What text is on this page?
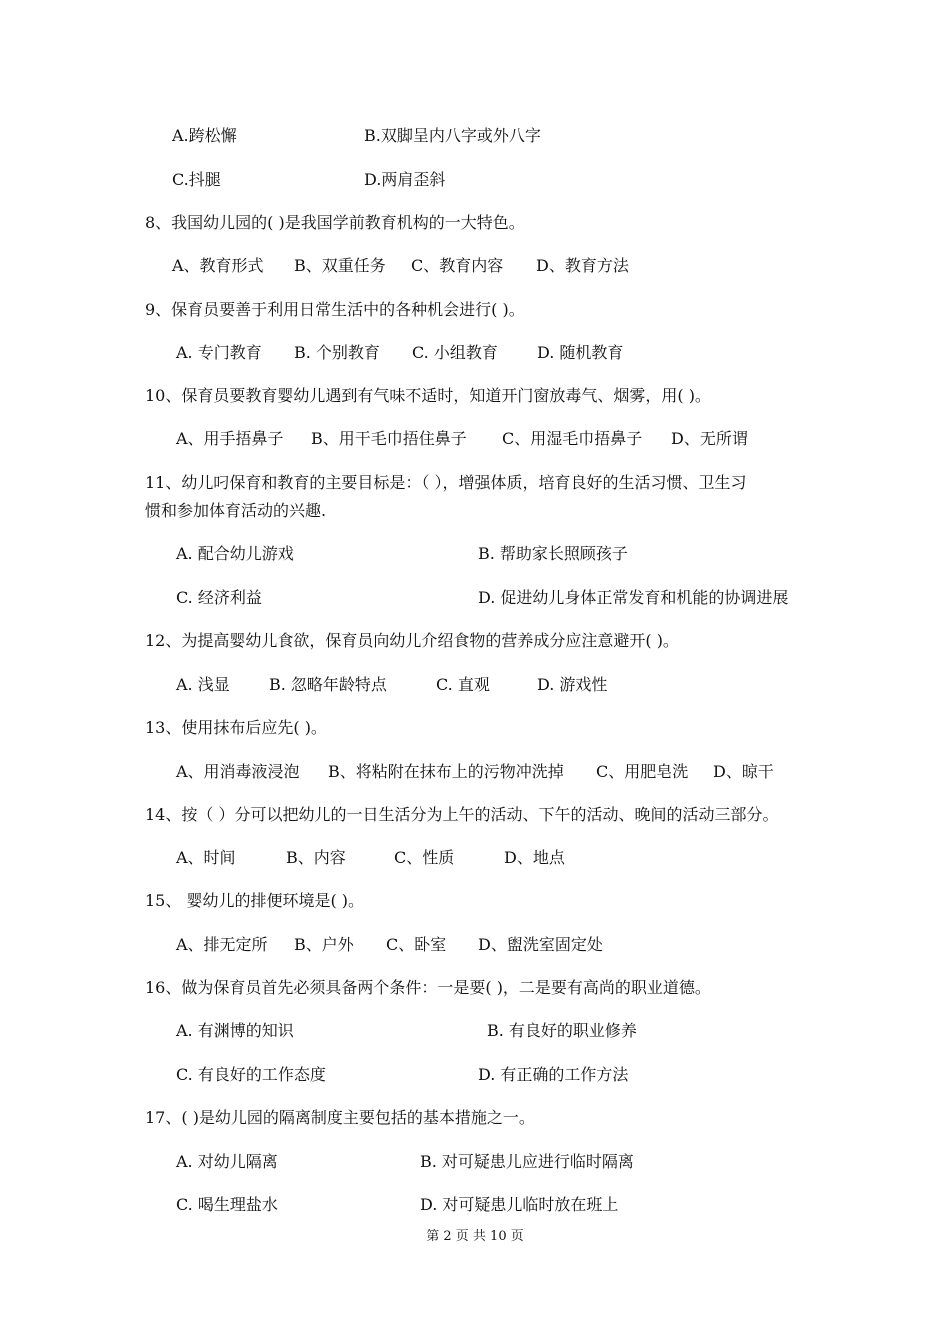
A.跨松懈	B.双脚呈内八字或外八字
C.抖腿	D.两肩歪斜
8、我国幼儿园的( )是我国学前教育机构的一大特色。
A、教育形式 B、双重任务 C、教育内容 D、教育方法
9、保育员要善于利用日常生活中的各种机会进行( )。
A. 专门教育 B. 个别教育 C. 小组教育 D. 随机教育
10、保育员要教育婴幼儿遇到有气味不适时，知道开门窗放毒气、烟雾，用( )。
A、用手捂鼻子 B、用干毛巾捂住鼻子 C、用湿毛巾捂鼻子 D、无所谓
11、幼儿叼保育和教育的主要目标是：（ ），增强体质，培育良好的生活习惯、卫生习
惯和参加体育活动的兴趣.
A. 配合幼儿游戏	B. 帮助家长照顾孩子
C. 经济利益	D. 促进幼儿身体正常发育和机能的协调进展
12、为提高婴幼儿食欲，保育员向幼儿介绍食物的营养成分应注意避开( )。
A. 浅显 B. 忽略年龄特点	C. 直观	D. 游戏性
13、使用抹布后应先( )。
A、用消毒液浸泡 B、将粘附在抹布上的污物冲洗掉 C、用肥皂洗 D、晾干
14、按（ ）分可以把幼儿的一日生活分为上午的活动、下午的活动、晚间的活动三部分。
A、时间	B、内容	C、性质	D、地点
15、 婴幼儿的排便环境是( )。
A、排无定所 B、户外 C、卧室 D、盥洗室固定处
16、做为保育员首先必须具备两个条件：一是要( )，二是要有高尚的职业道德。
A. 有渊博的知识	B. 有良好的职业修养
C. 有良好的工作态度	D. 有正确的工作方法
17、( )是幼儿园的隔离制度主要包括的基本措施之一。
A. 对幼儿隔离	B. 对可疑患儿应进行临时隔离
C. 喝生理盐水	D. 对可疑患儿临时放在班上
第 2 页 共 10 页
